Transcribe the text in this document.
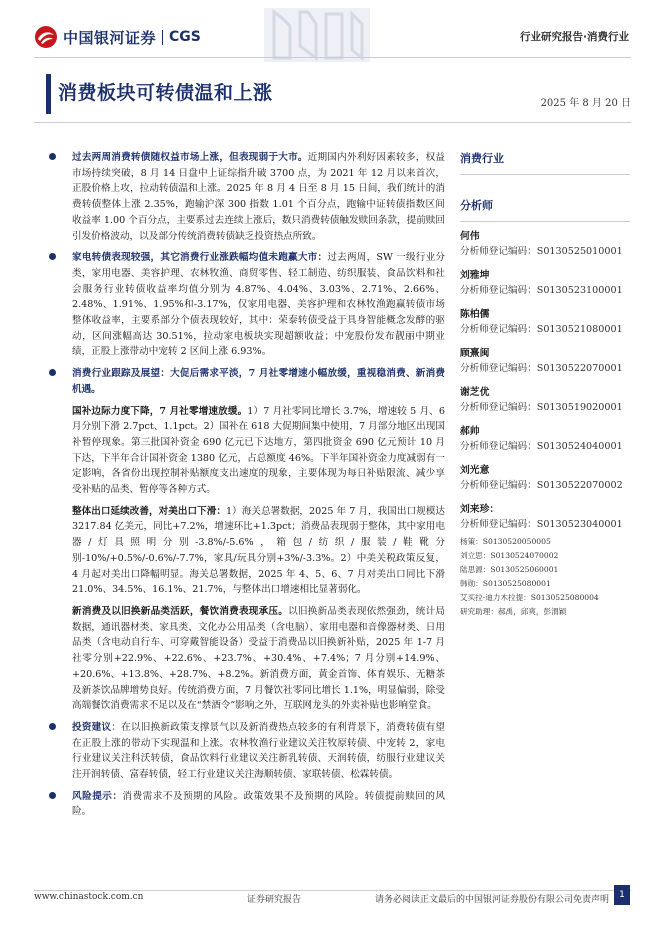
中国银河证券 CGS	行业研究报告·消费行业
消费板块可转债温和上涨	2025 年 8 月 20 日
过去两周消费转债随权益市场上涨，但表现弱于大市。近期国内外利好因素较多，权益市场持续突破，8 月 14 日盘中上证综指升破 3700 点，为 2021 年 12 月以来首次，正股价格上攻，拉动转债温和上涨。2025 年 8 月 4 日至 8 月 15 日间，我们统计的消费转债整体上涨 2.35%，跑输沪深 300 指数 1.01 个百分点，跑输中证转债指数区间收益率 1.00 个百分点，主要系过去连续上涨后，数只消费转债触发赎回条款，提前赎回引发价格波动，以及部分传统消费转债缺乏投资热点所致。
家电转债表现较强，其它消费行业涨跌幅均值未跑赢大市：过去两周，SW 一级行业分类，家用电器、美容护理、农林牧渔、商贸零售、轻工制造、纺织服装、食品饮料和社会服务行业转债收益率均值分别为 4.87%、4.04%、3.03%、2.71%、2.66%、2.48%、1.91%、1.95%和-3.17%，仅家用电器、美容护理和农林牧渔跑赢转债市场整体收益率，主要系部分个债表现较好，其中：荣泰转债受益于具身智能概念发酵的驱动，区间涨幅高达 30.51%，拉动家电板块实现超额收益；中宠股份发布靓丽中期业绩，正股上涨带动中宠转 2 区间上涨 6.93%。
消费行业跟踪及展望：大促后需求平淡，7 月社零增速小幅放缓，重视稳消费、新消费机遇。
国补边际力度下降，7 月社零增速放缓。1）7 月社零同比增长 3.7%，增速较 5 月、6 月分别下滑 2.7pct、1.1pct。2）国补在 618 大促期间集中使用，7 月部分地区出现国补暂停现象。第三批国补资金 690 亿元已下达地方，第四批资金 690 亿元预计 10 月下达，下半年合计国补资金 1380 亿元，占总额度 46%。下半年国补资金力度减弱有一定影响，各省份出现控制补贴额度支出速度的现象，主要体现为每日补贴限流、减少享受补贴的品类、暂停等各种方式。
整体出口延续改善，对美出口下滑：1）海关总署数据，2025 年 7 月，我国出口规模达 3217.84 亿美元，同比+7.2%，增速环比+1.3pct；消费品表现弱于整体，其中家用电器/灯具照明分别-3.8%/-5.6%，箱包/纺织/服装/鞋靴分别-10%/+0.5%/-0.6%/-7.7%，家具/玩具分别+3%/-3.3%。2）中美关税政策反复，4 月起对美出口降幅明显。海关总署数据，2025 年 4、5、6、7 月对美出口同比下滑 21.0%、34.5%、16.1%、21.7%，与整体出口增速相比显著弱化。
新消费及以旧换新品类活跃，餐饮消费表现承压。以旧换新品类表现依然强劲，统计局数据，通讯器材类、家具类、文化办公用品类（含电脑）、家用电器和音像器材类、日用品类（含电动自行车、可穿戴智能设备）受益于消费品以旧换新补贴，2025 年 1-7 月社零分别+22.9%、+22.6%、+23.7%、+30.4%、+7.4%；7 月分别+14.9%、+20.6%、+13.8%、+28.7%、+8.2%。新消费方面，黄金首饰、体育娱乐、无糖茶及新茶饮品牌增势良好。传统消费方面，7 月餐饮社零同比增长 1.1%，明显偏弱，除受高端餐饮消费需求不足以及在“禁酒令”影响之外，互联网龙头的外卖补贴也影响堂食。
投资建议：在以旧换新政策支撑景气以及新消费热点较多的有利背景下，消费转债有望在正股上涨的带动下实现温和上涨。农林牧渔行业建议关注牧原转债、中宠转 2，家电行业建议关注科沃转债，食品饮料行业建议关注新乳转债、天润转债，纺服行业建议关注开润转债、富春转债，轻工行业建议关注海顺转债、家联转债、松霖转债。
风险提示：消费需求不及预期的风险。政策效果不及预期的风险。转债提前赎回的风险。
消费行业
分析师
何伟
分析师登记编码：S0130525010001
刘雅坤
分析师登记编码：S0130523100001
陈柏儒
分析师登记编码：S0130521080001
顾熹闽
分析师登记编码：S0130522070001
谢芝优
分析师登记编码：S0130519020001
郝帅
分析师登记编码：S0130524040001
刘光意
分析师登记编码：S0130522070002
刘来珍：
分析师登记编码：S0130523040001
杨策：S0130520050005
刘立思：S0130524070002
陆思源：S0130525060001
韩勋：S0130525080001
艾买拉·迪力木拉提：S0130525080004
研究助理：郝禹，邱爽，彭渭颖
www.chinastock.com.cn	证券研究报告	请务必阅读正文最后的中国银河证券股份有限公司免责声明	1
